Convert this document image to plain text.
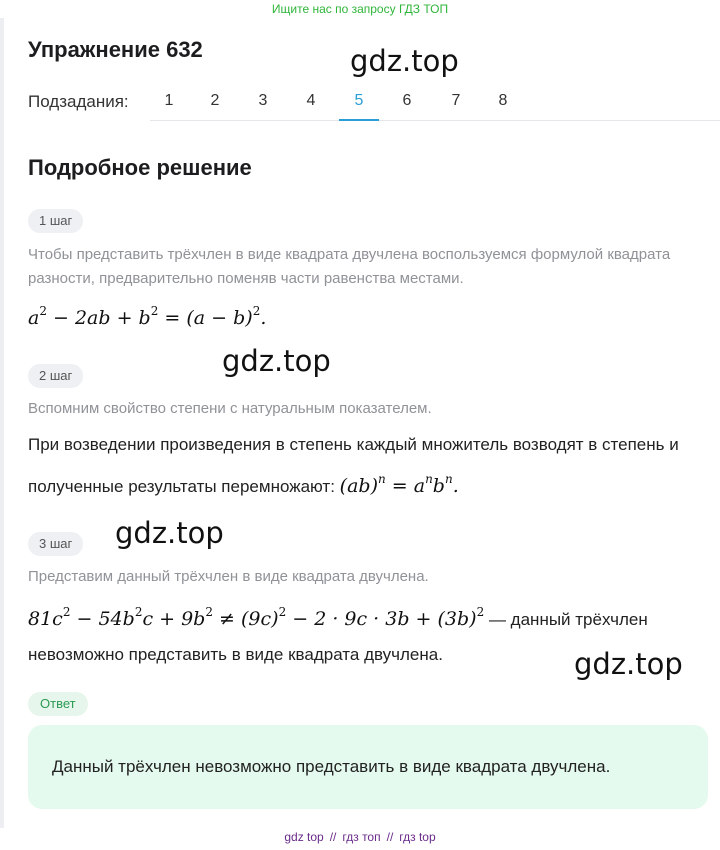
Ищите нас по запросу ГДЗ ТОП
Упражнение 632	gdz.top
Подзадания:	1	2	3	4	5	6	7	8
Подробное решение
1 шаг
Чтобы представить трёхчлен в виде квадрата двучлена воспользуемся формулой квадрата разности, предварительно поменяв части равенства местами.
$a^2 - 2ab + b^2 = (a - b)^2$.
gdz.top
2 шаг
Вспомним свойство степени с натуральным показателем.
При возведении произведения в степень каждый множитель возводят в степень и полученные результаты перемножают: $(ab)^n = a^nb^n$.
gdz.top
3 шаг
Представим данный трёхчлен в виде квадрата двучлена.
$81c^2 - 54b^2c + 9b^2 \ne (9c)^2 - 2 \cdot 9c \cdot 3b + (3b)^2$ — данный трёхчлен
невозможно представить в виде квадрата двучлена.	gdz.top
Ответ
Данный трёхчлен невозможно представить в виде квадрата двучлена.
gdz top // гдз топ // гдз top
